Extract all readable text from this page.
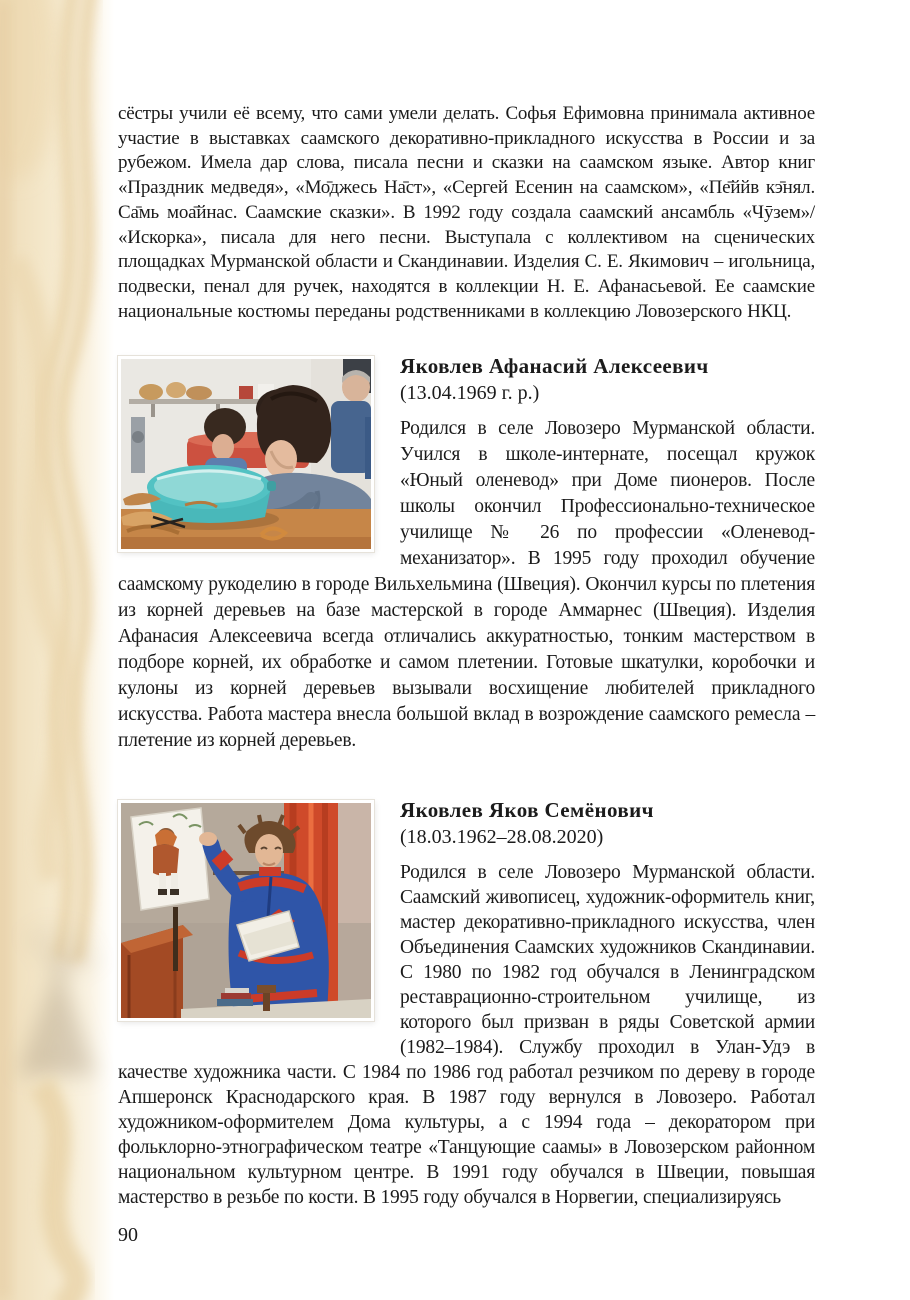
сёстры учили её всему, что сами умели делать. Софья Ефимовна принимала активное участие в выставках саамского декоративно-прикладного искусства в России и за рубежом. Имела дар слова, писала песни и сказки на саамском языке. Автор книг «Праздник медведя», «Мо̄джесь На̄ст», «Сергей Есенин на саамском», «Пе̄ййв кэ̄нял. Са̄мь моа̄йнас. Саамские сказки». В 1992 году создала саамский ансамбль «Чӯзем»/ «Искорка», писала для него песни. Выступала с коллективом на сценических площадках Мурманской области и Скандинавии. Изделия С. Е. Якимович – игольница, подвески, пенал для ручек, находятся в коллекции Н. Е. Афанасьевой. Ее саамские национальные костюмы переданы родственниками в коллекцию Ловозерского НКЦ.

Яковлев Афанасий Алексеевич

(13.04.1969 г. р.)

Родился в селе Ловозеро Мурманской области. Учился в школе-интернате, посещал кружок «Юный оленевод» при Доме пионеров. После школы окончил Профессионально-техническое училище № 26 по профессии «Оленевод-механизатор». В 1995 году проходил обучение саамскому рукоделию в городе Вильхельмина (Швеция). Окончил курсы по плетения из корней деревьев на базе мастерской в городе Аммарнес (Швеция). Изделия Афанасия Алексеевича всегда отличались аккуратностью, тонким мастерством в подборе корней, их обработке и самом плетении. Готовые шкатулки, коробочки и кулоны из корней деревьев вызывали восхищение любителей прикладного искусства. Работа мастера внесла большой вклад в возрождение саамского ремесла – плетение из корней деревьев.

Яковлев Яков Семёнович

(18.03.1962–28.08.2020)

Родился в селе Ловозеро Мурманской области. Саамский живописец, художник-оформитель книг, мастер декоративно-прикладного искусства, член Объединения Саамских художников Скандинавии. С 1980 по 1982 год обучался в Ленинградском реставрационно-строительном училище, из которого был призван в ряды Советской армии (1982–1984). Службу проходил в Улан-Удэ в качестве художника части. С 1984 по 1986 год работал резчиком по дереву в городе Апшеронск Краснодарского края. В 1987 году вернулся в Ловозеро. Работал художником-оформителем Дома культуры, а с 1994 года – декоратором при фольклорно-этнографическом театре «Танцующие саамы» в Ловозерском районном национальном культурном центре. В 1991 году обучался в Швеции, повышая мастерство в резьбе по кости. В 1995 году обучался в Норвегии, специализируясь

90
